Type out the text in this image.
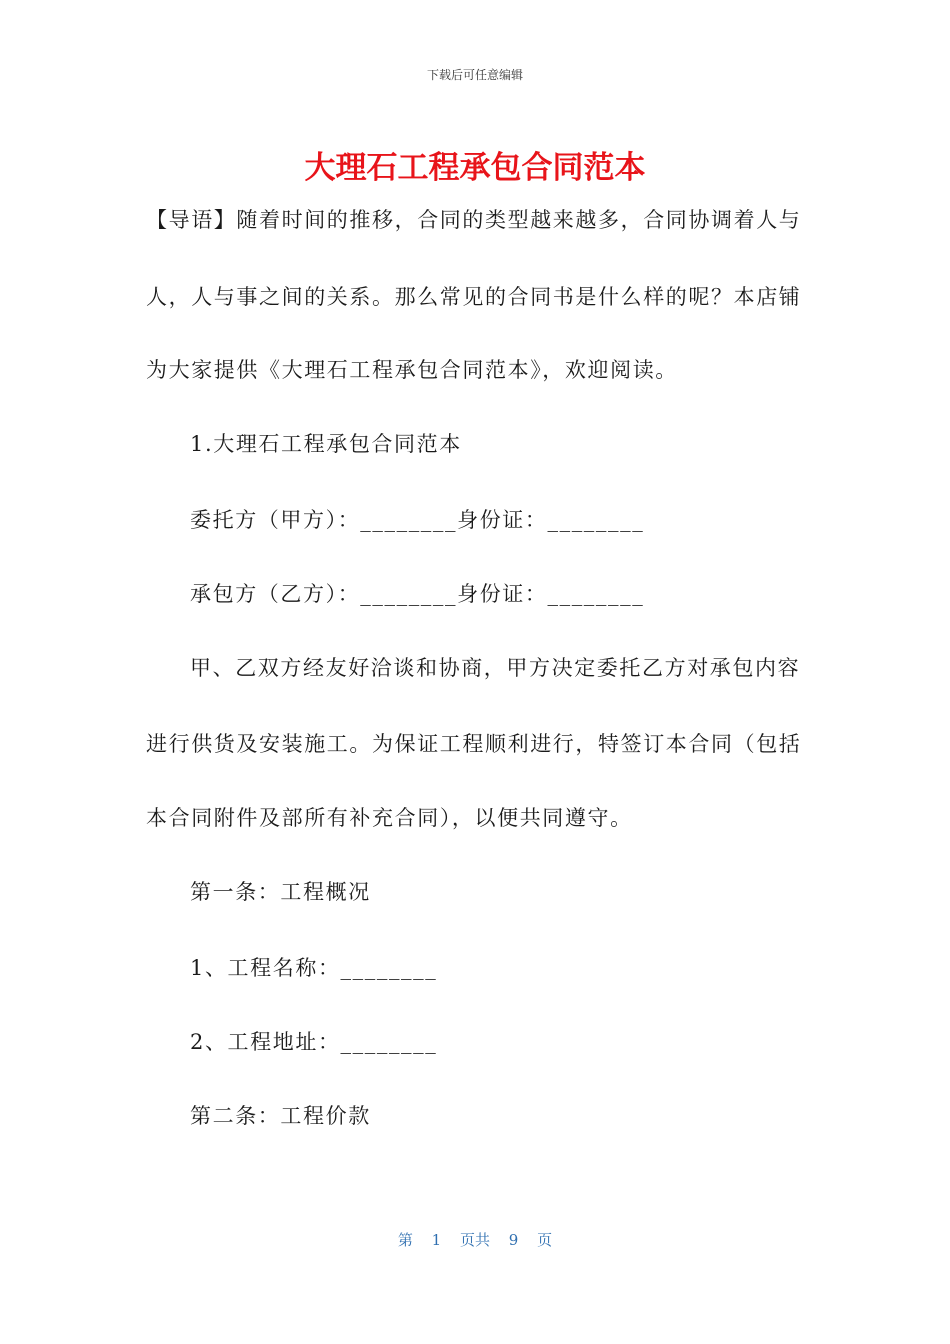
下载后可任意编辑
大理石工程承包合同范本

【导语】随着时间的推移，合同的类型越来越多，合同协调着人与

人，人与事之间的关系。那么常见的合同书是什么样的呢？本店铺

为大家提供《大理石工程承包合同范本》，欢迎阅读。

1.大理石工程承包合同范本

委托方（甲方）：________身份证：________

承包方（乙方）：________身份证：________

甲、乙双方经友好洽谈和协商，甲方决定委托乙方对承包内容

进行供货及安装施工。为保证工程顺利进行，特签订本合同（包括

本合同附件及部所有补充合同），以便共同遵守。

第一条：工程概况

1、工程名称：________

2、工程地址：________

第二条：工程价款

第 1 页共 9 页
